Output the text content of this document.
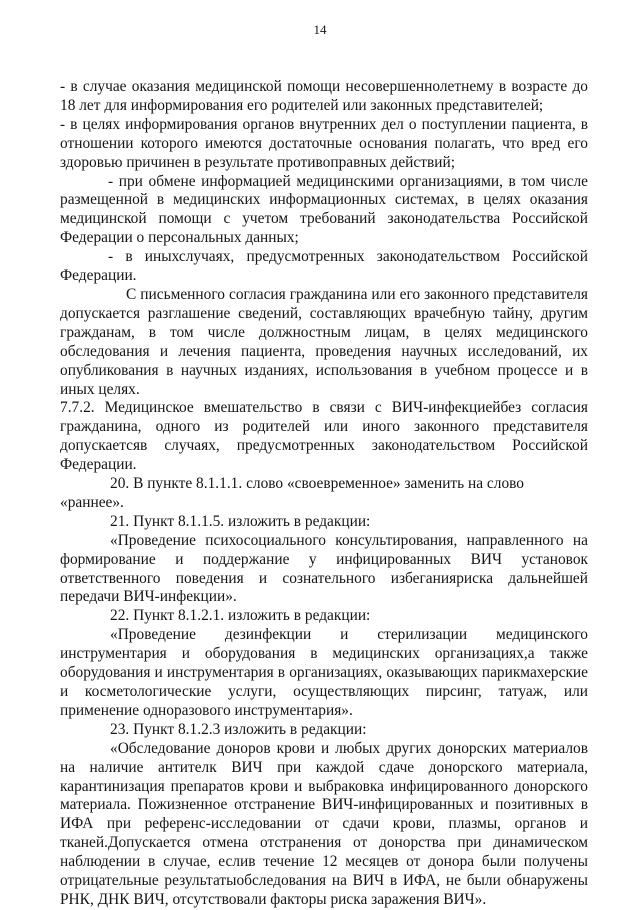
14

- в случае оказания медицинской помощи несовершеннолетнему в возрасте до 18 лет для информирования его родителей или законных представителей;

- в целях информирования органов внутренних дел о поступлении пациента, в отношении которого имеются достаточные основания полагать, что вред его здоровью причинен в результате противоправных действий;

- при обмене информацией медицинскими организациями, в том числе размещенной в медицинских информационных системах, в целях оказания медицинской помощи с учетом требований законодательства Российской Федерации о персональных данных;

- в иныхслучаях, предусмотренных законодательством Российской Федерации.

С письменного согласия гражданина или его законного представителя допускается разглашение сведений, составляющих врачебную тайну, другим гражданам, в том числе должностным лицам, в целях медицинского обследования и лечения пациента, проведения научных исследований, их опубликования в научных изданиях, использования в учебном процессе и в иных целях.

7.7.2. Медицинское вмешательство в связи с ВИЧ-инфекциейбез согласия гражданина, одного из родителей или иного законного представителя допускаетсяв случаях, предусмотренных законодательством Российской Федерации.

20. В пункте 8.1.1.1. слово «своевременное» заменить на слово «раннее».

21. Пункт 8.1.1.5. изложить в редакции:

«Проведение психосоциального консультирования, направленного на формирование и поддержание у инфицированных ВИЧ установок ответственного поведения и сознательного избеганияриска дальнейшей передачи ВИЧ-инфекции».

22. Пункт 8.1.2.1. изложить в редакции:

«Проведение дезинфекции и стерилизации медицинского инструментария и оборудования в медицинских организациях,а также оборудования и инструментария в организациях, оказывающих парикмахерские и косметологические услуги, осуществляющих пирсинг, татуаж, или применение одноразового инструментария».

23. Пункт 8.1.2.3 изложить в редакции:

«Обследование доноров крови и любых других донорских материалов на наличие антителк ВИЧ при каждой сдаче донорского материала, карантинизация препаратов крови и выбраковка инфицированного донорского материала. Пожизненное отстранение ВИЧ-инфицированных и позитивных в ИФА при референс-исследовании от сдачи крови, плазмы, органов и тканей.Допускается отмена отстранения от донорства при динамическом наблюдении в случае, еслив течение 12 месяцев от донора были получены отрицательные результатыобследования на ВИЧ в ИФА, не были обнаружены РНК, ДНК ВИЧ, отсутствовали факторы риска заражения ВИЧ».
